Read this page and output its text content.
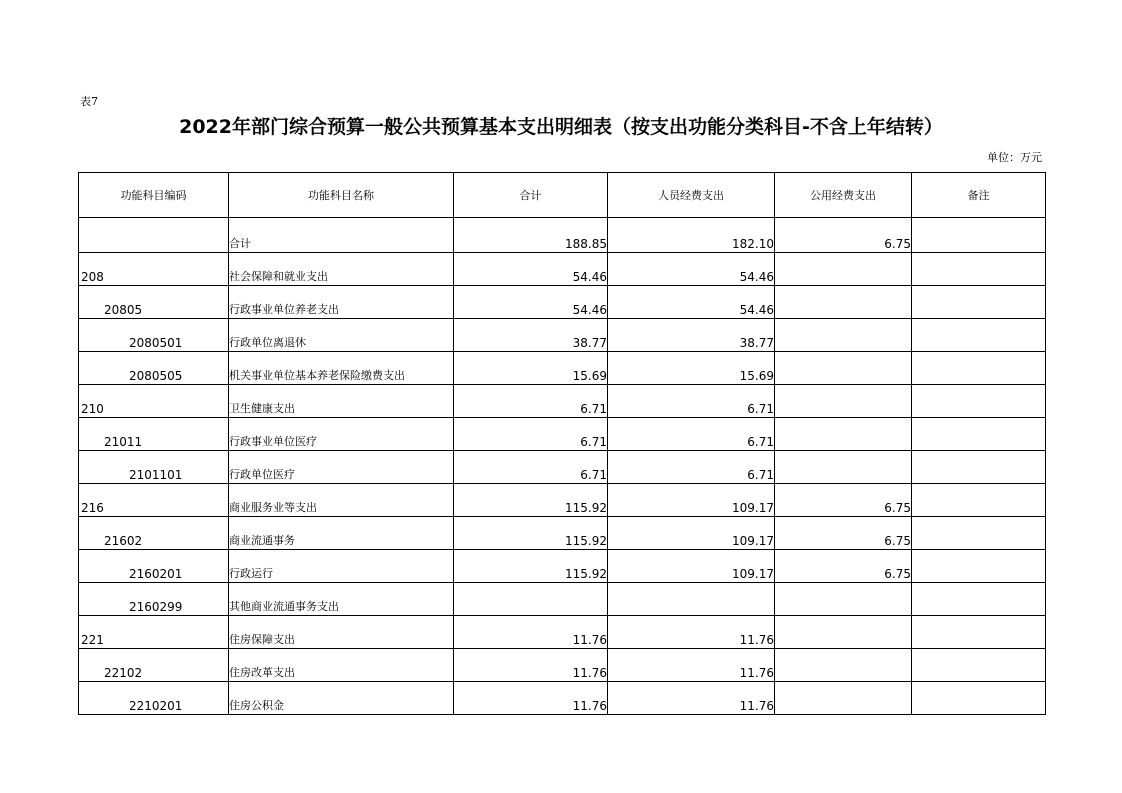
表7
2022年部门综合预算一般公共预算基本支出明细表（按支出功能分类科目-不含上年结转）
单位：万元
功能科目编码	功能科目名称	合计	人员经费支出	公用经费支出	备注
	合计	188.85	182.10	6.75	
208	社会保障和就业支出	54.46	54.46		
20805	行政事业单位养老支出	54.46	54.46		
2080501	行政单位离退休	38.77	38.77		
2080505	机关事业单位基本养老保险缴费支出	15.69	15.69		
210	卫生健康支出	6.71	6.71		
21011	行政事业单位医疗	6.71	6.71		
2101101	行政单位医疗	6.71	6.71		
216	商业服务业等支出	115.92	109.17	6.75	
21602	商业流通事务	115.92	109.17	6.75	
2160201	行政运行	115.92	109.17	6.75	
2160299	其他商业流通事务支出				
221	住房保障支出	11.76	11.76		
22102	住房改革支出	11.76	11.76		
2210201	住房公积金	11.76	11.76		
